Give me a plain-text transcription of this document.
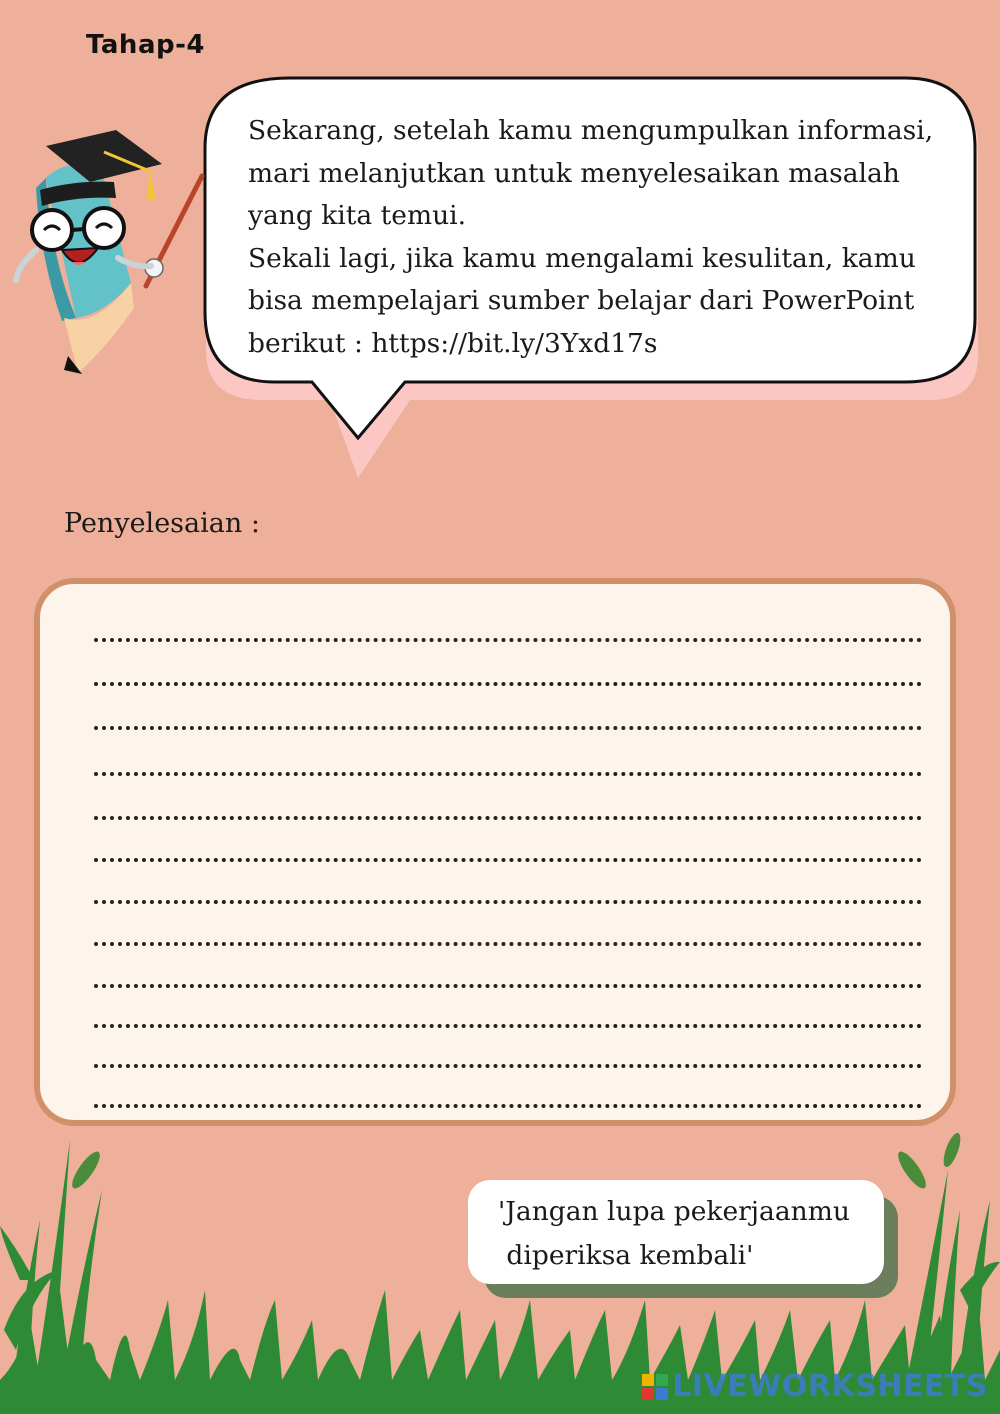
Tahap-4

Sekarang, setelah kamu mengumpulkan informasi,

mari melanjutkan untuk menyelesaikan masalah

yang kita temui.

Sekali lagi, jika kamu mengalami kesulitan, kamu

bisa mempelajari sumber belajar dari PowerPoint

berikut : https://bit.ly/3Yxd17s

Penyelesaian :

'Jangan lupa pekerjaanmu

diperiksa kembali'

LIVEWORKSHEETS
